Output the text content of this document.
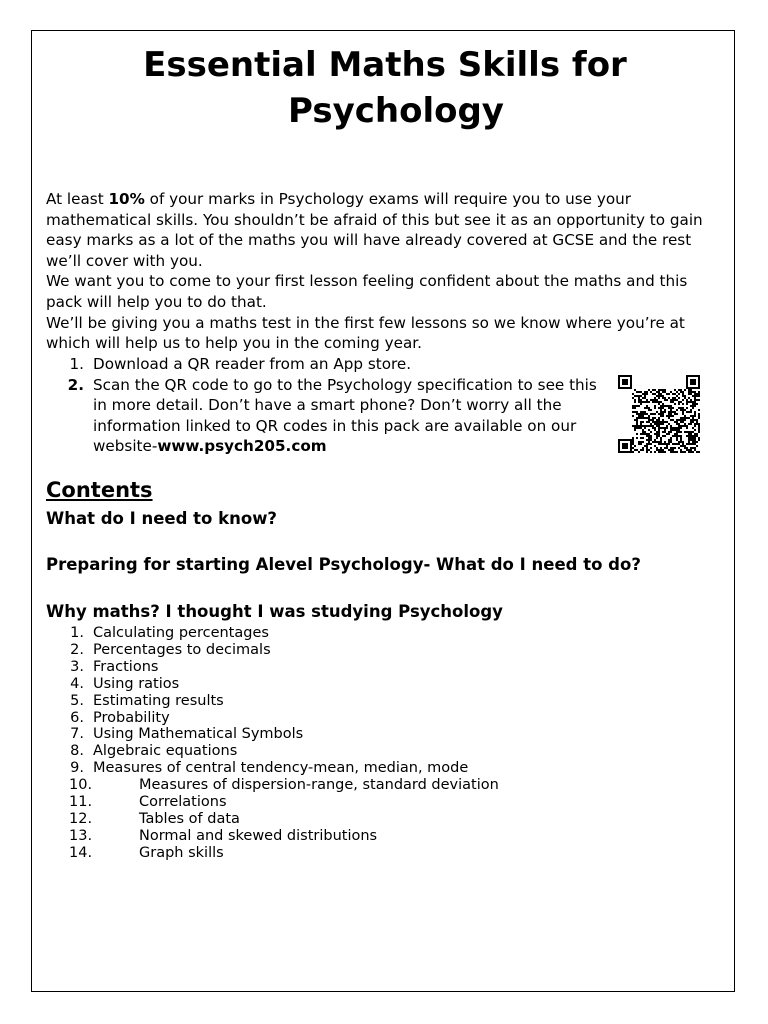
Essential Maths Skills for
Psychology

At least 10% of your marks in Psychology exams will require you to use your mathematical skills. You shouldn’t be afraid of this but see it as an opportunity to gain easy marks as a lot of the maths you will have already covered at GCSE and the rest we’ll cover with you.

We want you to come to your first lesson feeling confident about the maths and this pack will help you to do that.

We’ll be giving you a maths test in the first few lessons so we know where you’re at which will help us to help you in the coming year.

1. Download a QR reader from an App store.
2. Scan the QR code to go to the Psychology specification to see this in more detail. Don’t have a smart phone? Don’t worry all the information linked to QR codes in this pack are available on our website-www.psych205.com
Contents
What do I need to know?
Preparing for starting Alevel Psychology- What do I need to do?
Why maths? I thought I was studying Psychology
1. Calculating percentages
2. Percentages to decimals
3. Fractions
4. Using ratios
5. Estimating results
6. Probability
7. Using Mathematical Symbols
8. Algebraic equations
9. Measures of central tendency-mean, median, mode
10.	Measures of dispersion-range, standard deviation
11.	Correlations
12.	Tables of data
13.	Normal and skewed distributions
14.	Graph skills
